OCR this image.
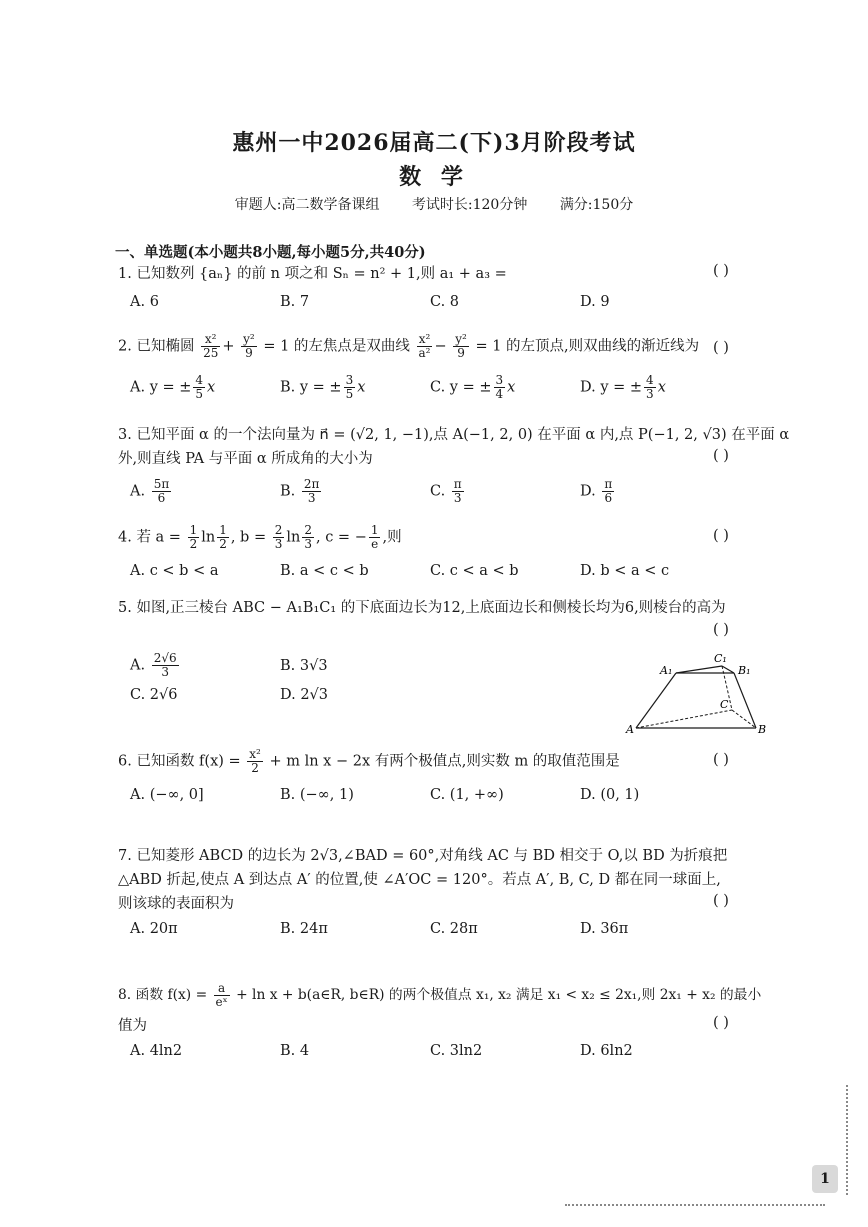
惠州一中2026届高二(下)3月阶段考试
数 学
审题人:高二数学备课组 考试时长:120分钟 满分:150分
一、单选题(本小题共8小题,每小题5分,共40分)
1. 已知数列 {aₙ} 的前 n 项之和 Sₙ = n² + 1,则 a₁ + a₃ =	( )
A. 6	B. 7	C. 8	D. 9
2. 已知椭圆 $\frac{\text{x²}}{25} + \frac{\text{y²}}{9} = 1$ 的左焦点是双曲线 $\frac{\text{x²}}{\text{a²}} - \frac{\text{y²}}{9} = 1$ 的左顶点,则双曲线的渐近线为 ( )
A. y = ± $\frac{4}{5}$ x	B. y = ± $\frac{3}{5}$ x	C. y = ± $\frac{3}{4}$ x	D. y = ± $\frac{4}{3}$ x
3. 已知平面 α 的一个法向量为 n⃗ = (√2, 1, −1),点 A(−1, 2, 0) 在平面 α 内,点 P(−1, 2, √3) 在平面 α
外,则直线 PA 与平面 α 所成角的大小为	( )
A. $\frac{5\pi}{6}$	B. $\frac{2\pi}{3}$	C. $\frac{\pi}{3}$	D. $\frac{\pi}{6}$
4. 若 $a = \frac{1}{2}$ $\ln \frac{1}{2}$ , $b = \frac{2}{3}$ $\ln \frac{2}{3}$ , c = − $\frac{1}{e}$ ,则	( )
A. c < b < a	B. a < c < b	C. c < a < b	D. b < a < c
5. 如图,正三棱台 ABC − A₁B₁C₁ 的下底面边长为12,上底面边长和侧棱长均为6,则棱台的高为
( )
A. $\frac{2√6}{3}$	B. 3√3
C. 2√6	D. 2√3
A₁
C₁
B₁
C
A	B
6. 已知函数 $f(x) = \frac{\text{x²}}{2} + m$ ln x − 2x 有两个极值点,则实数 m 的取值范围是	( )
A. (−∞, 0]	B. (−∞, 1)	C. (1, +∞)	D. (0, 1)
7. 已知菱形 ABCD 的边长为 2√3,∠BAD = 60°,对角线 AC 与 BD 相交于 O,以 BD 为折痕把
△ABD 折起,使点 A 到达点 A′ 的位置,使 ∠A′OC = 120°。若点 A′, B, C, D 都在同一球面上,
则该球的表面积为	( )
A. 20π	B. 24π	C. 28π	D. 36π
8. 函数 $f(x) = \frac{a}{\text{eˣ}} + \ln x$ + b(a∈R, b∈R) 的两个极值点 x₁, x₂ 满足 x₁ < x₂ ≤ 2x₁,则 2x₁ + x₂ 的最小
值为	( )
A. 4ln2	B. 4	C. 3ln2	D. 6ln2
1
